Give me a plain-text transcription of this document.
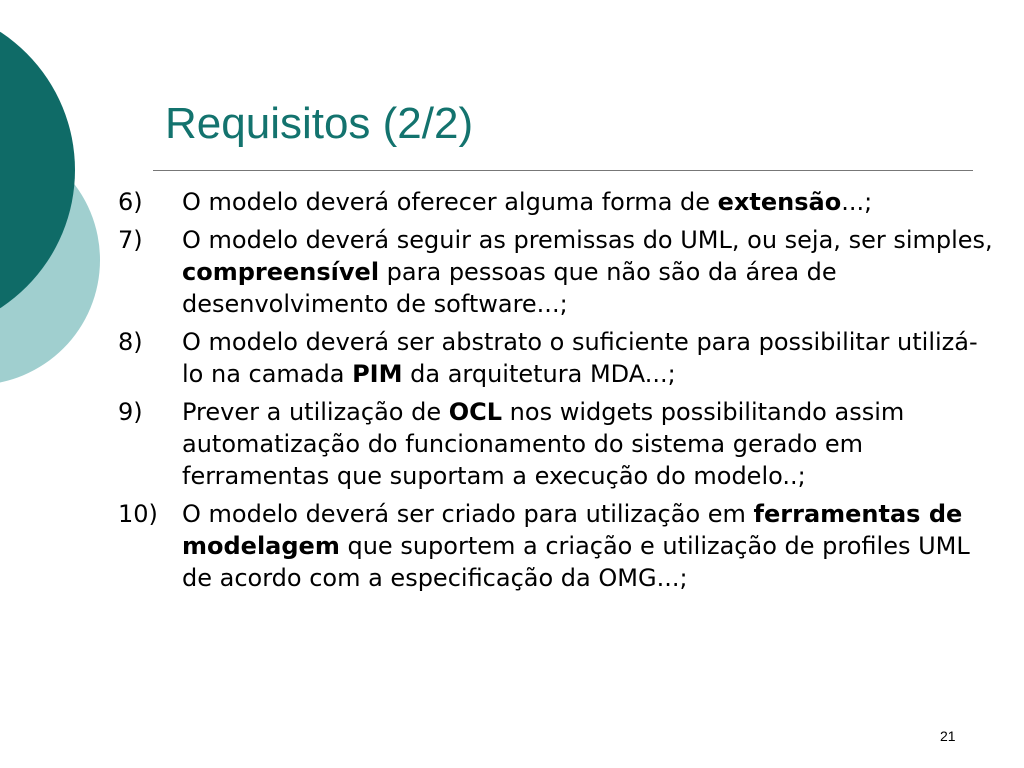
Requisitos (2/2)
6)	O modelo deverá oferecer alguma forma de extensão...;
7)	O modelo deverá seguir as premissas do UML, ou seja, ser simples, compreensível para pessoas que não são da área de desenvolvimento de software...;
8)	O modelo deverá ser abstrato o suficiente para possibilitar utilizá-lo na camada PIM da arquitetura MDA...;
9)	Prever a utilização de OCL nos widgets possibilitando assim automatização do funcionamento do sistema gerado em ferramentas que suportam a execução do modelo..;
10)	O modelo deverá ser criado para utilização em ferramentas de modelagem que suportem a criação e utilização de profiles UML de acordo com a especificação da OMG...;
21
